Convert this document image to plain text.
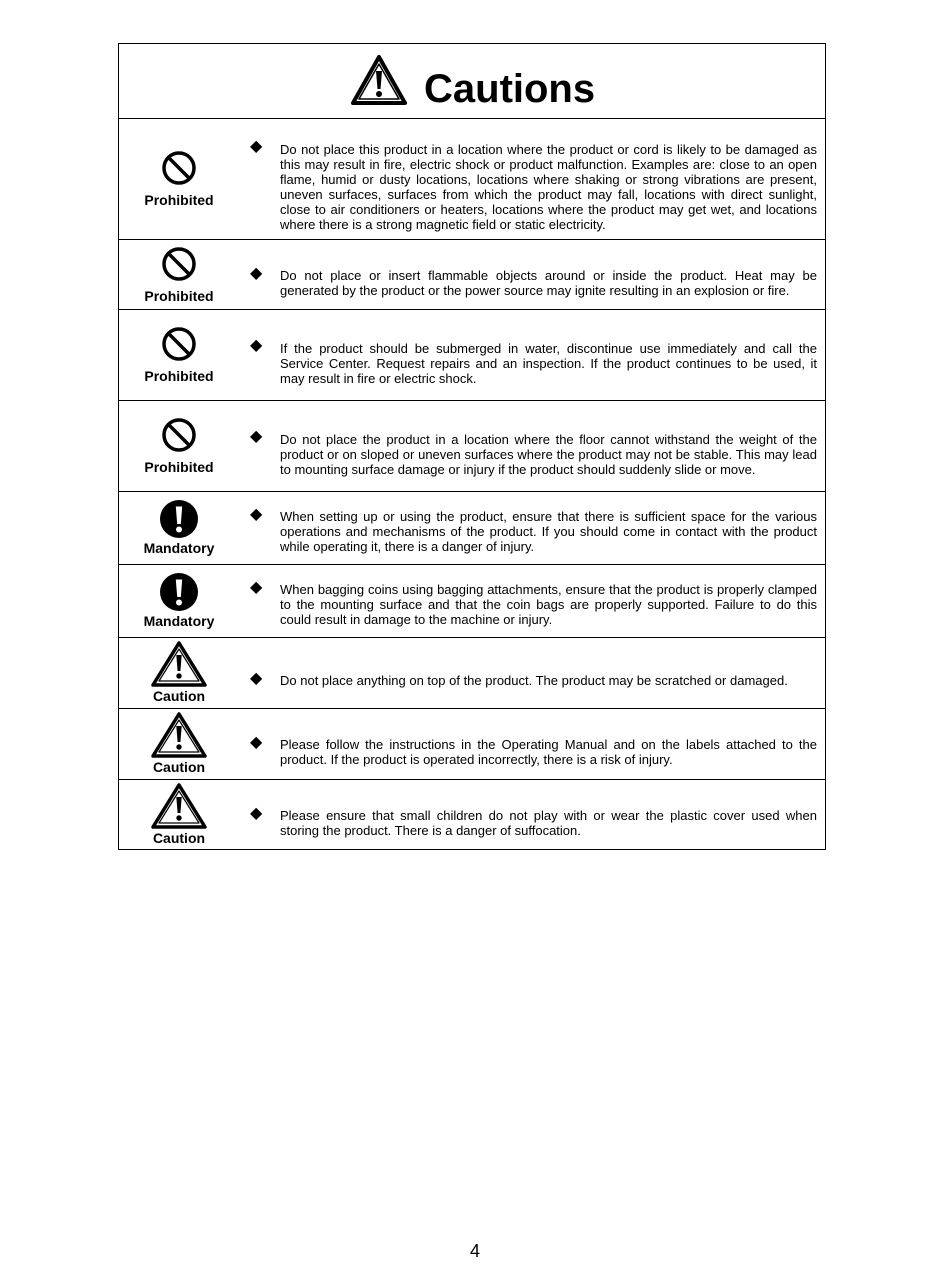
Cautions
Prohibited
◆ Do not place this product in a location where the product or cord is likely to be damaged as this may result in fire, electric shock or product malfunction. Examples are: close to an open flame, humid or dusty locations, locations where shaking or strong vibrations are present, uneven surfaces, surfaces from which the product may fall, locations with direct sunlight, close to air conditioners or heaters, locations where the product may get wet, and locations where there is a strong magnetic field or static electricity.
Prohibited
◆ Do not place or insert flammable objects around or inside the product. Heat may be generated by the product or the power source may ignite resulting in an explosion or fire.
Prohibited
◆ If the product should be submerged in water, discontinue use immediately and call the Service Center. Request repairs and an inspection. If the product continues to be used, it may result in fire or electric shock.
Prohibited
◆ Do not place the product in a location where the floor cannot withstand the weight of the product or on sloped or uneven surfaces where the product may not be stable. This may lead to mounting surface damage or injury if the product should suddenly slide or move.
Mandatory
◆ When setting up or using the product, ensure that there is sufficient space for the various operations and mechanisms of the product. If you should come in contact with the product while operating it, there is a danger of injury.
Mandatory
◆ When bagging coins using bagging attachments, ensure that the product is properly clamped to the mounting surface and that the coin bags are properly supported. Failure to do this could result in damage to the machine or injury.
Caution
◆ Do not place anything on top of the product. The product may be scratched or damaged.
Caution
◆ Please follow the instructions in the Operating Manual and on the labels attached to the product. If the product is operated incorrectly, there is a risk of injury.
Caution
◆ Please ensure that small children do not play with or wear the plastic cover used when storing the product. There is a danger of suffocation.
4
